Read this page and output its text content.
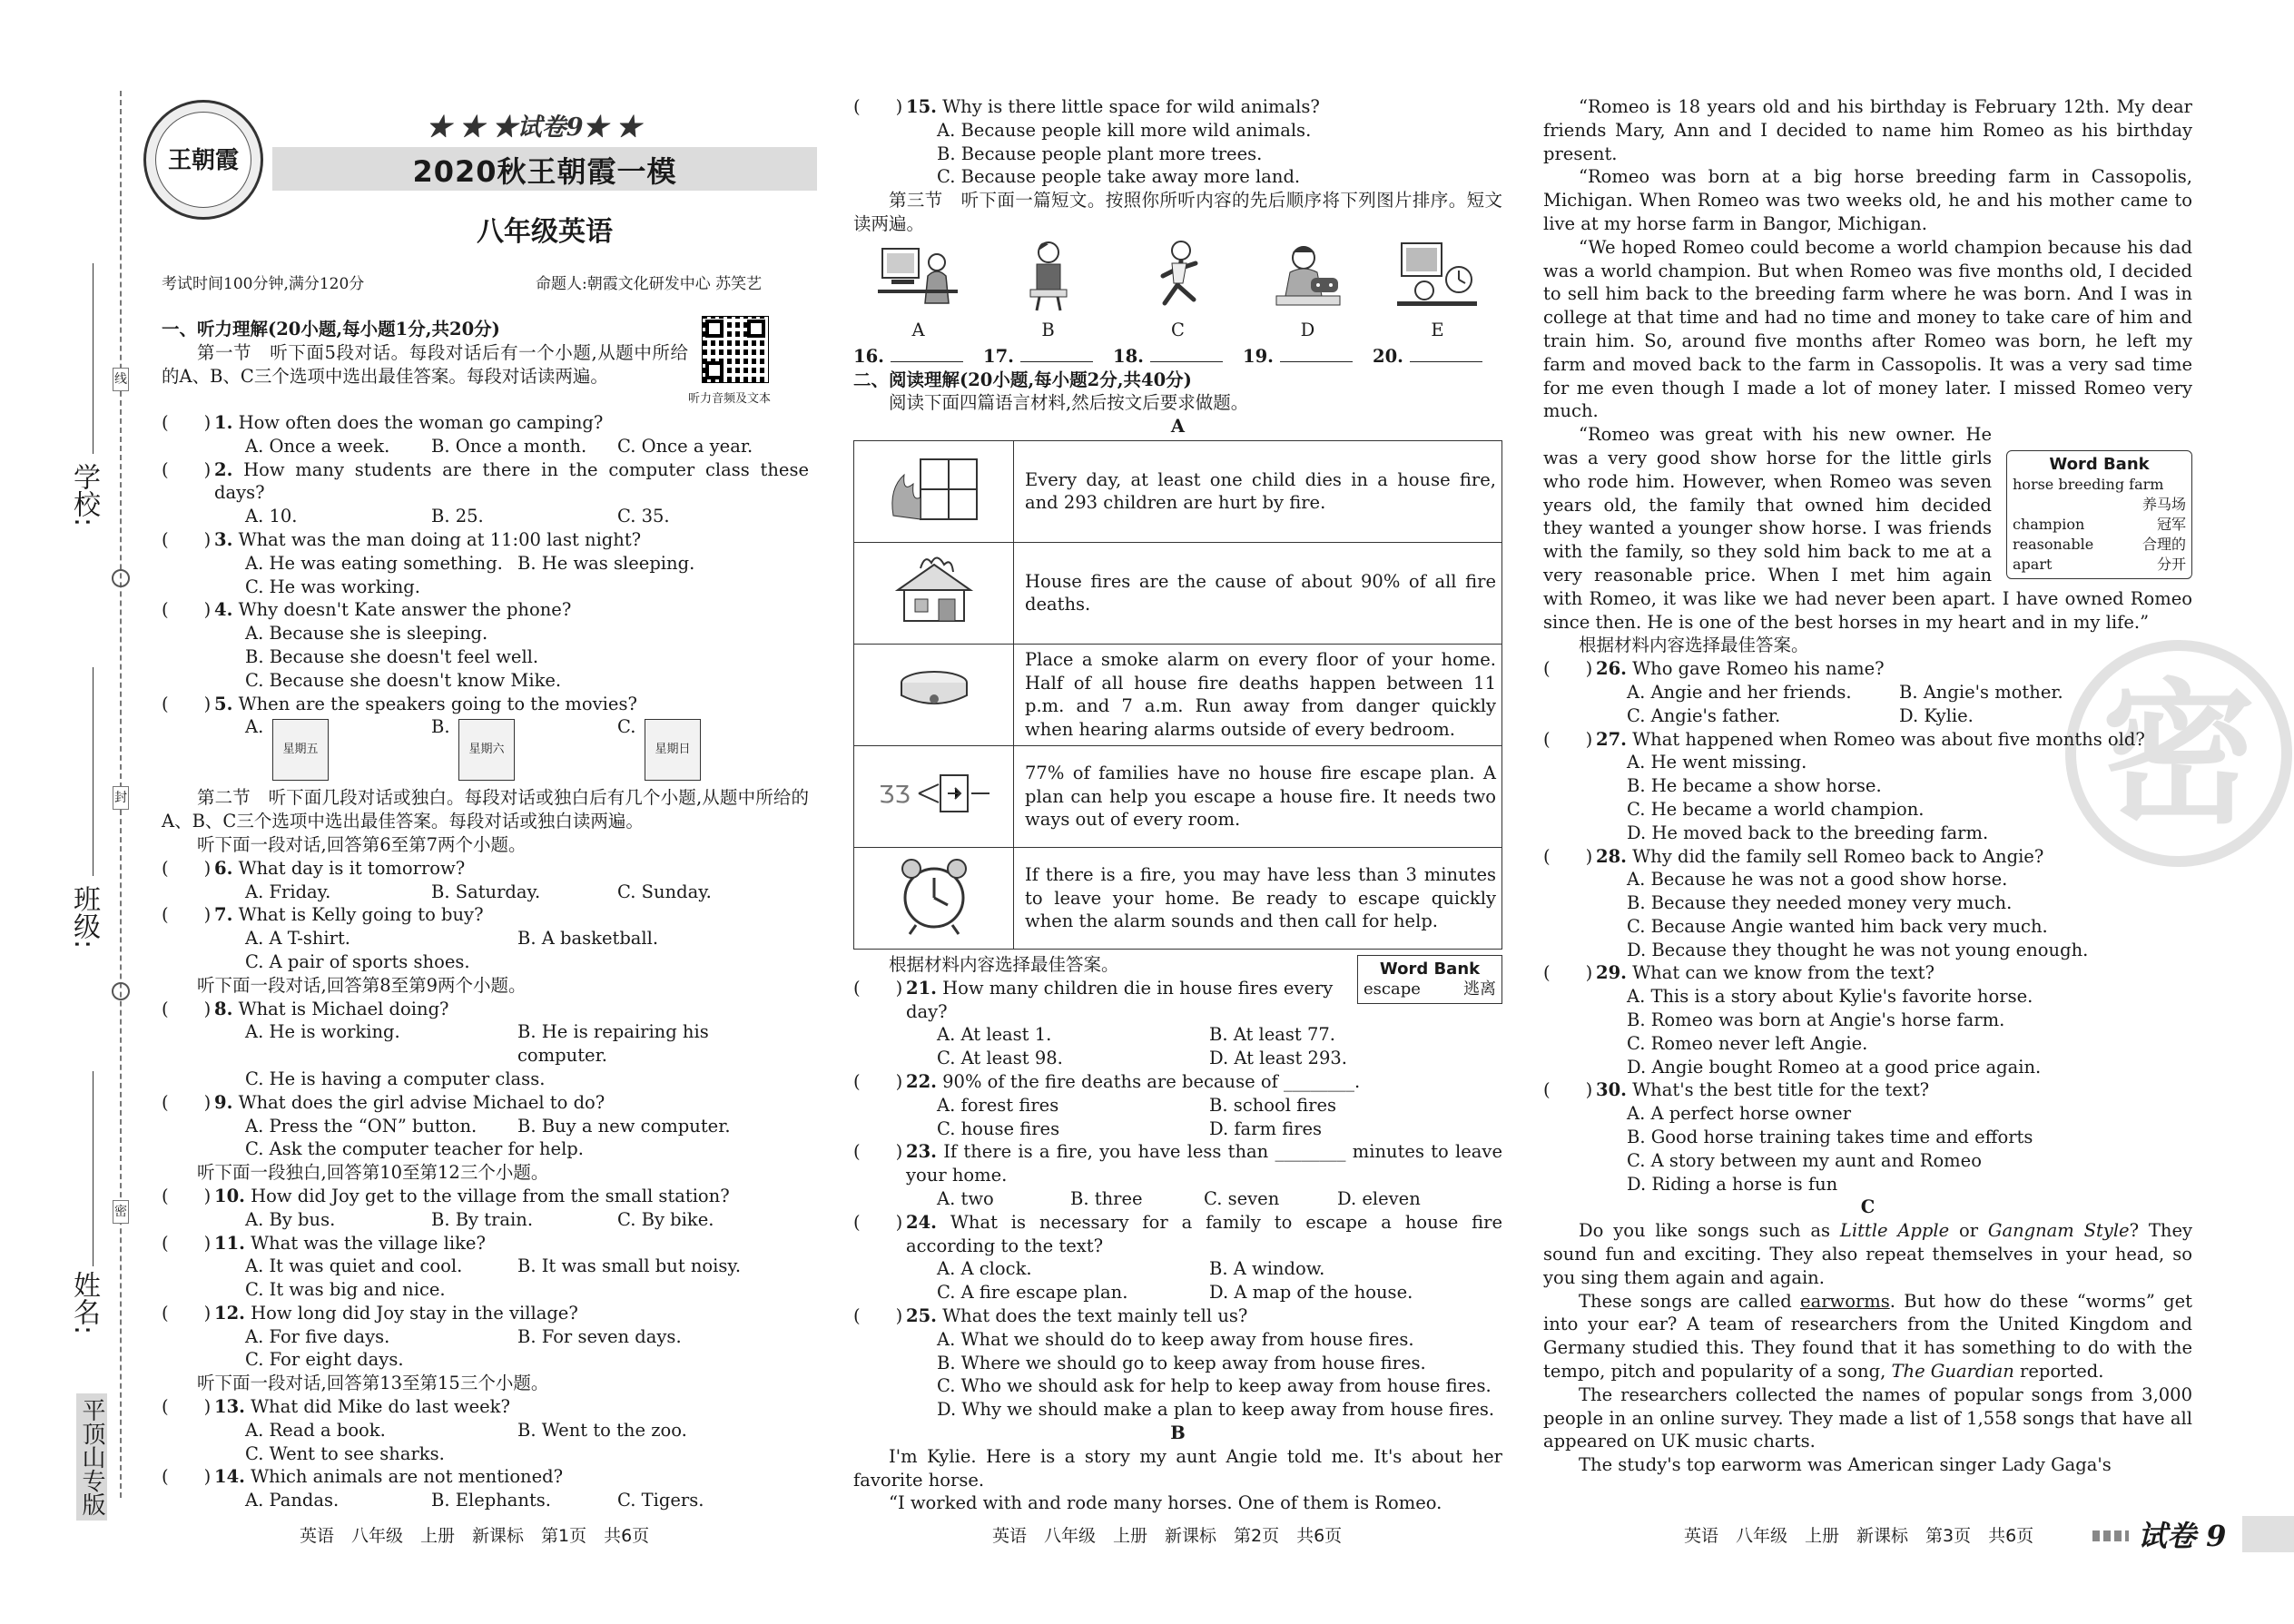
线
封
密
学校:
班级:
姓名:
平顶山专版
王朝霞
★ ★ ★试卷9★ ★
2020秋王朝霞一模
八年级英语
考试时间100分钟,满分120分	命题人:朝霞文化研发中心 苏笑艺
听力音频及文本
一、听力理解(20小题,每小题1分,共20分)
第一节　听下面5段对话。每段对话后有一个小题,从题中所给的A、B、C三个选项中选出最佳答案。每段对话读两遍。
(　　) 1. How often does the woman go camping?
A. Once a week.	B. Once a month.	C. Once a year.
(　　) 2. How many students are there in the computer class these days?
A. 10.	B. 25.	C. 35.
(　　) 3. What was the man doing at 11:00 last night?
A. He was eating something. B. He was sleeping.
C. He was working.
(　　) 4. Why doesn't Kate answer the phone?
A. Because she is sleeping.
B. Because she doesn't feel well.
C. Because she doesn't know Mike.
(　　) 5. When are the speakers going to the movies?
A.
星期五
B.
星期六
C.
星期日
第二节　听下面几段对话或独白。每段对话或独白后有几个小题,从题中所给的A、B、C三个选项中选出最佳答案。每段对话或独白读两遍。
听下面一段对话,回答第6至第7两个小题。
(　　) 6. What day is it tomorrow?
A. Friday.	B. Saturday.	C. Sunday.
(　　) 7. What is Kelly going to buy?
A. A T-shirt.	B. A basketball.
C. A pair of sports shoes.
听下面一段对话,回答第8至第9两个小题。
(　　) 8. What is Michael doing?
A. He is working.	B. He is repairing his computer.
C. He is having a computer class.
(　　) 9. What does the girl advise Michael to do?
A. Press the “ON” button.	B. Buy a new computer.
C. Ask the computer teacher for help.
听下面一段独白,回答第10至第12三个小题。
(　　) 10. How did Joy get to the village from the small station?
A. By bus.	B. By train.	C. By bike.
(　　) 11. What was the village like?
A. It was quiet and cool.	B. It was small but noisy.
C. It was big and nice.
(　　) 12. How long did Joy stay in the village?
A. For five days.	B. For seven days.
C. For eight days.
听下面一段对话,回答第13至第15三个小题。
(　　) 13. What did Mike do last week?
A. Read a book.	B. Went to the zoo.
C. Went to see sharks.
(　　) 14. Which animals are not mentioned?
A. Pandas.	B. Elephants.	C. Tigers.
(　　) 15. Why is there little space for wild animals?
A. Because people kill more wild animals.
B. Because people plant more trees.
C. Because people take away more land.
第三节　听下面一篇短文。按照你所听内容的先后顺序将下列图片排序。短文读两遍。
A	B	C	D	E
16.	17.	18.	19.	20.
二、阅读理解(20小题,每小题2分,共40分)
阅读下面四篇语言材料,然后按文后要求做题。
A
	Every day, at least one child dies in a house fire, and 293 children are hurt by fire.
	House fires are the cause of about 90% of all fire deaths.
	Place a smoke alarm on every floor of your home. Half of all house fire deaths happen between 11 p.m. and 7 a.m. Run away from danger quickly when hearing alarms outside of every bedroom.

ƷƷ	77% of families have no house fire escape plan. A plan can help you escape a house fire. It needs two ways out of every room.
	If there is a fire, you may have less than 3 minutes to leave your home. Be ready to escape quickly when the alarm sounds and then call for help.
Word Bank
escape	逃离
根据材料内容选择最佳答案。
(　　) 21. How many children die in house fires every day?
A. At least 1.	B. At least 77.
C. At least 98.	D. At least 293.
(　　) 22. 90% of the fire deaths are because of ________.
A. forest fires	B. school fires
C. house fires	D. farm fires
(　　) 23. If there is a fire, you have less than ________ minutes to leave your home.
A. two	B. three	C. seven	D. eleven
(　　) 24. What is necessary for a family to escape a house fire according to the text?
A. A clock.	B. A window.
C. A fire escape plan.	D. A map of the house.
(　　) 25. What does the text mainly tell us?
A. What we should do to keep away from house fires.
B. Where we should go to keep away from house fires.
C. Who we should ask for help to keep away from house fires.
D. Why we should make a plan to keep away from house fires.
B
I'm Kylie. Here is a story my aunt Angie told me. It's about her favorite horse.
“I worked with and rode many horses. One of them is Romeo.
“Romeo is 18 years old and his birthday is February 12th. My dear friends Mary, Ann and I decided to name him Romeo as his birthday present.
“Romeo was born at a big horse breeding farm in Cassopolis, Michigan. When Romeo was two weeks old, he and his mother came to live at my horse farm in Bangor, Michigan.
“We hoped Romeo could become a world champion because his dad was a world champion. But when Romeo was five months old, I decided to sell him back to the breeding farm where he was born. And I was in college at that time and had no time and money to take care of him and train him. So, around five months after Romeo was born, he left my farm and moved back to the farm in Cassopolis. It was a very sad time for me even though I made a lot of money later. I missed Romeo very much.
Word Bank
horse breeding farm
养马场
champion	冠军
reasonable	合理的
apart	分开
“Romeo was great with his new owner. He was a very good show horse for the little girls who rode him. However, when Romeo was seven years old, the family that owned him decided they wanted a younger show horse. I was friends with the family, so they sold him back to me at a very reasonable price. When I met him again with Romeo, it was like we had never been apart. I have owned Romeo since then. He is one of the best horses in my heart and in my life.”
根据材料内容选择最佳答案。
(　　) 26. Who gave Romeo his name?
A. Angie and her friends.	B. Angie's mother.
C. Angie's father.	D. Kylie.
(　　) 27. What happened when Romeo was about five months old?
A. He went missing.
B. He became a show horse.
C. He became a world champion.
D. He moved back to the breeding farm.
(　　) 28. Why did the family sell Romeo back to Angie?
A. Because he was not a good show horse.
B. Because they needed money very much.
C. Because Angie wanted him back very much.
D. Because they thought he was not young enough.
(　　) 29. What can we know from the text?
A. This is a story about Kylie's favorite horse.
B. Romeo was born at Angie's horse farm.
C. Romeo never left Angie.
D. Angie bought Romeo at a good price again.
(　　) 30. What's the best title for the text?
A. A perfect horse owner
B. Good horse training takes time and efforts
C. A story between my aunt and Romeo
D. Riding a horse is fun
C
Do you like songs such as Little Apple or Gangnam Style? They sound fun and exciting. They also repeat themselves in your head, so you sing them again and again.
These songs are called earworms. But how do these “worms” get into your ear? A team of researchers from the United Kingdom and Germany studied this. They found that it has something to do with the tempo, pitch and popularity of a song, The Guardian reported.
The researchers collected the names of popular songs from 3,000 people in an online survey. They made a list of 1,558 songs that have all appeared on UK music charts.
The study's top earworm was American singer Lady Gaga's
密
英语　八年级　上册　新课标　第1页　共6页	英语　八年级　上册　新课标　第2页　共6页	英语　八年级　上册　新课标　第3页　共6页	试卷 9
